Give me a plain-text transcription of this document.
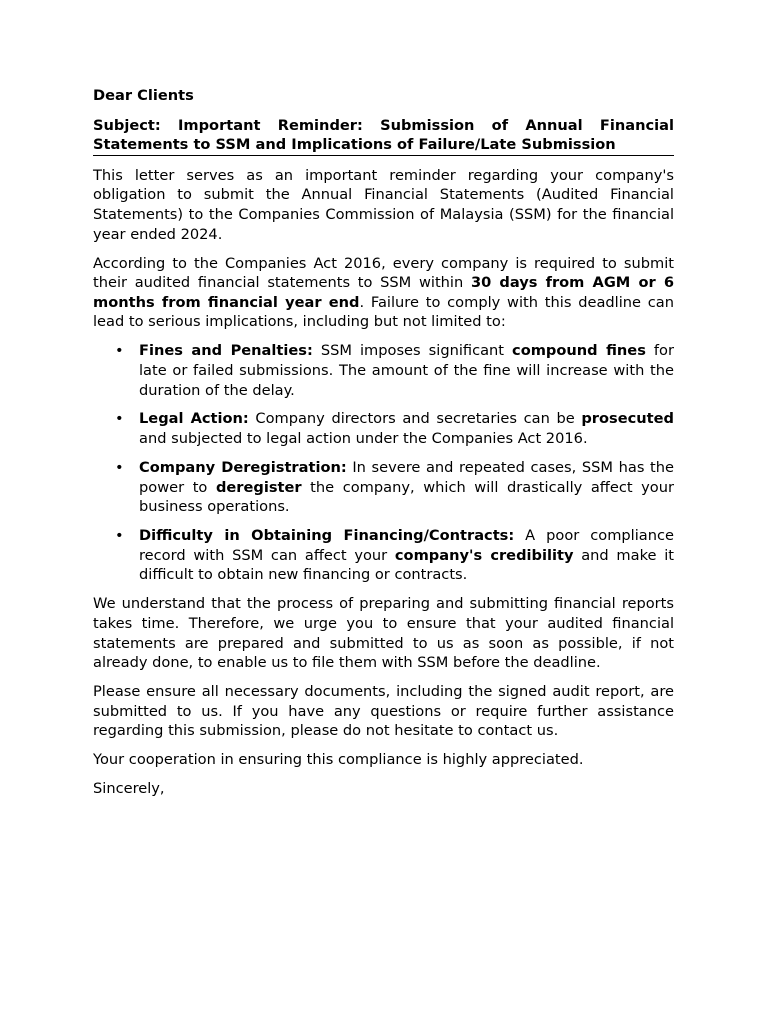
Dear Clients

Subject: Important Reminder: Submission of Annual Financial Statements to SSM and Implications of Failure/Late Submission

This letter serves as an important reminder regarding your company's obligation to submit the Annual Financial Statements (Audited Financial Statements) to the Companies Commission of Malaysia (SSM) for the financial year ended 2024.

According to the Companies Act 2016, every company is required to submit their audited financial statements to SSM within 30 days from AGM or 6 months from financial year end. Failure to comply with this deadline can lead to serious implications, including but not limited to:

• Fines and Penalties: SSM imposes significant compound fines for late or failed submissions. The amount of the fine will increase with the duration of the delay.
• Legal Action: Company directors and secretaries can be prosecuted and subjected to legal action under the Companies Act 2016.
• Company Deregistration: In severe and repeated cases, SSM has the power to deregister the company, which will drastically affect your business operations.
• Difficulty in Obtaining Financing/Contracts: A poor compliance record with SSM can affect your company's credibility and make it difficult to obtain new financing or contracts.

We understand that the process of preparing and submitting financial reports takes time. Therefore, we urge you to ensure that your audited financial statements are prepared and submitted to us as soon as possible, if not already done, to enable us to file them with SSM before the deadline.

Please ensure all necessary documents, including the signed audit report, are submitted to us. If you have any questions or require further assistance regarding this submission, please do not hesitate to contact us.

Your cooperation in ensuring this compliance is highly appreciated.

Sincerely,
